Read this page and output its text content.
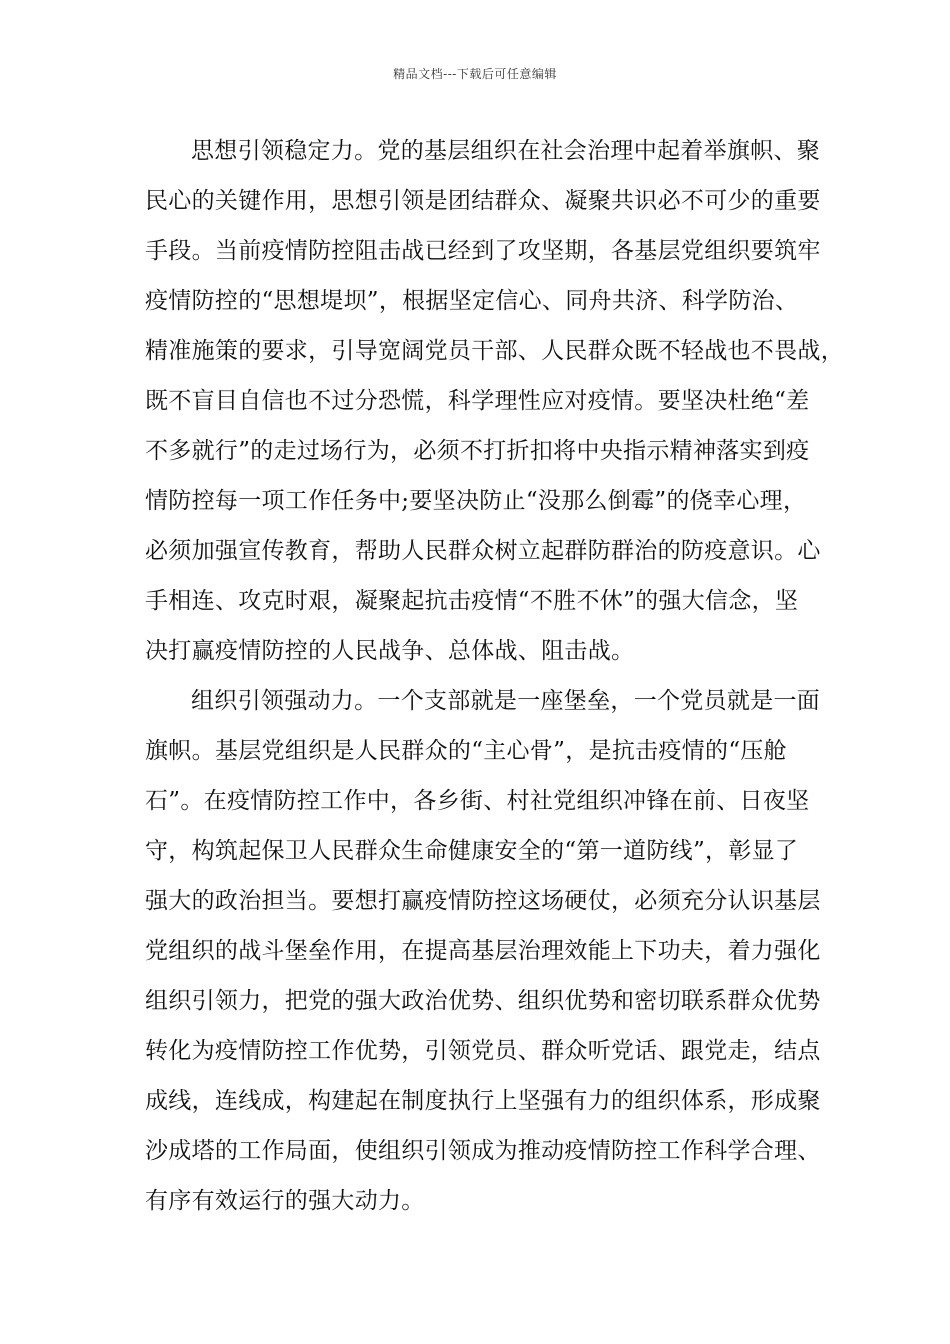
精品文档---下载后可任意编辑
思想引领稳定力。党的基层组织在社会治理中起着举旗帜、聚
民心的关键作用，思想引领是团结群众、凝聚共识必不可少的重要
手段。当前疫情防控阻击战已经到了攻坚期，各基层党组织要筑牢
疫情防控的“思想堤坝”，根据坚定信心、同舟共济、科学防治、
精准施策的要求，引导宽阔党员干部、人民群众既不轻战也不畏战，
既不盲目自信也不过分恐慌，科学理性应对疫情。要坚决杜绝“差
不多就行”的走过场行为，必须不打折扣将中央指示精神落实到疫
情防控每一项工作任务中;要坚决防止“没那么倒霉”的侥幸心理，
必须加强宣传教育，帮助人民群众树立起群防群治的防疫意识。心
手相连、攻克时艰，凝聚起抗击疫情“不胜不休”的强大信念，坚
决打赢疫情防控的人民战争、总体战、阻击战。
组织引领强动力。一个支部就是一座堡垒，一个党员就是一面
旗帜。基层党组织是人民群众的“主心骨”，是抗击疫情的“压舱
石”。在疫情防控工作中，各乡街、村社党组织冲锋在前、日夜坚
守，构筑起保卫人民群众生命健康安全的“第一道防线”，彰显了
强大的政治担当。要想打赢疫情防控这场硬仗，必须充分认识基层
党组织的战斗堡垒作用，在提高基层治理效能上下功夫，着力强化
组织引领力，把党的强大政治优势、组织优势和密切联系群众优势
转化为疫情防控工作优势，引领党员、群众听党话、跟党走，结点
成线，连线成，构建起在制度执行上坚强有力的组织体系，形成聚
沙成塔的工作局面，使组织引领成为推动疫情防控工作科学合理、
有序有效运行的强大动力。
